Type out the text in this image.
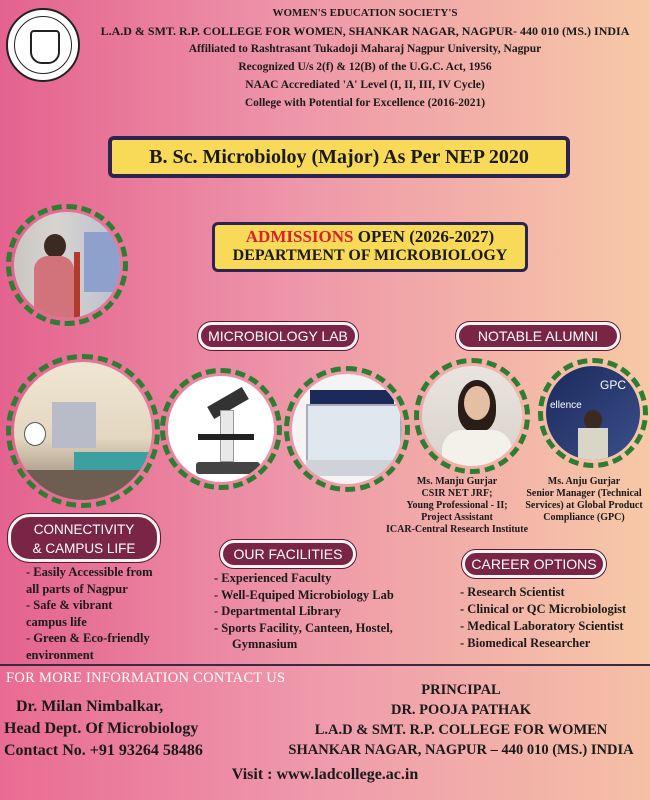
WOMEN'S EDUCATION SOCIETY'S
L.A.D & SMT. R.P. COLLEGE FOR WOMEN, SHANKAR NAGAR, NAGPUR- 440 010 (MS.) INDIA
Affiliated to Rashtrasant Tukadoji Maharaj Nagpur University, Nagpur
Recognized U/s 2(f) & 12(B) of the U.G.C. Act, 1956
NAAC Accrediated 'A' Level (I, II, III, IV Cycle)
College with Potential for Excellence (2016-2021)
B. Sc. Microbioloy (Major) As Per NEP 2020
ADMISSIONS OPEN (2026-2027)
DEPARTMENT OF MICROBIOLOGY
MICROBIOLOGY LAB	NOTABLE ALUMNI
GPC
ellence
Ms. Manju Gurjar
CSIR NET JRF;
Young Professional - II;
Project Assistant
ICAR-Central Research Institute
Ms. Anju Gurjar
Senior Manager (Technical
Services) at Global Product
Compliance (GPC)
CONNECTIVITY
& CAMPUS LIFE
- Easily Accessible from
all parts of Nagpur
- Safe & vibrant
campus life
- Green & Eco-friendly
environment
OUR FACILITIES
- Experienced Faculty
- Well-Equiped Microbiology Lab
- Departmental Library
- Sports Facility, Canteen, Hostel,
Gymnasium
CAREER OPTIONS
- Research Scientist
- Clinical or QC Microbiologist
- Medical Laboratory Scientist
- Biomedical Researcher
FOR MORE INFORMATION CONTACT US
Dr. Milan Nimbalkar,
Head Dept. Of Microbiology
Contact No. +91 93264 58486
PRINCIPAL
DR. POOJA PATHAK
L.A.D & SMT. R.P. COLLEGE FOR WOMEN
SHANKAR NAGAR, NAGPUR – 440 010 (MS.) INDIA
Visit : www.ladcollege.ac.in
